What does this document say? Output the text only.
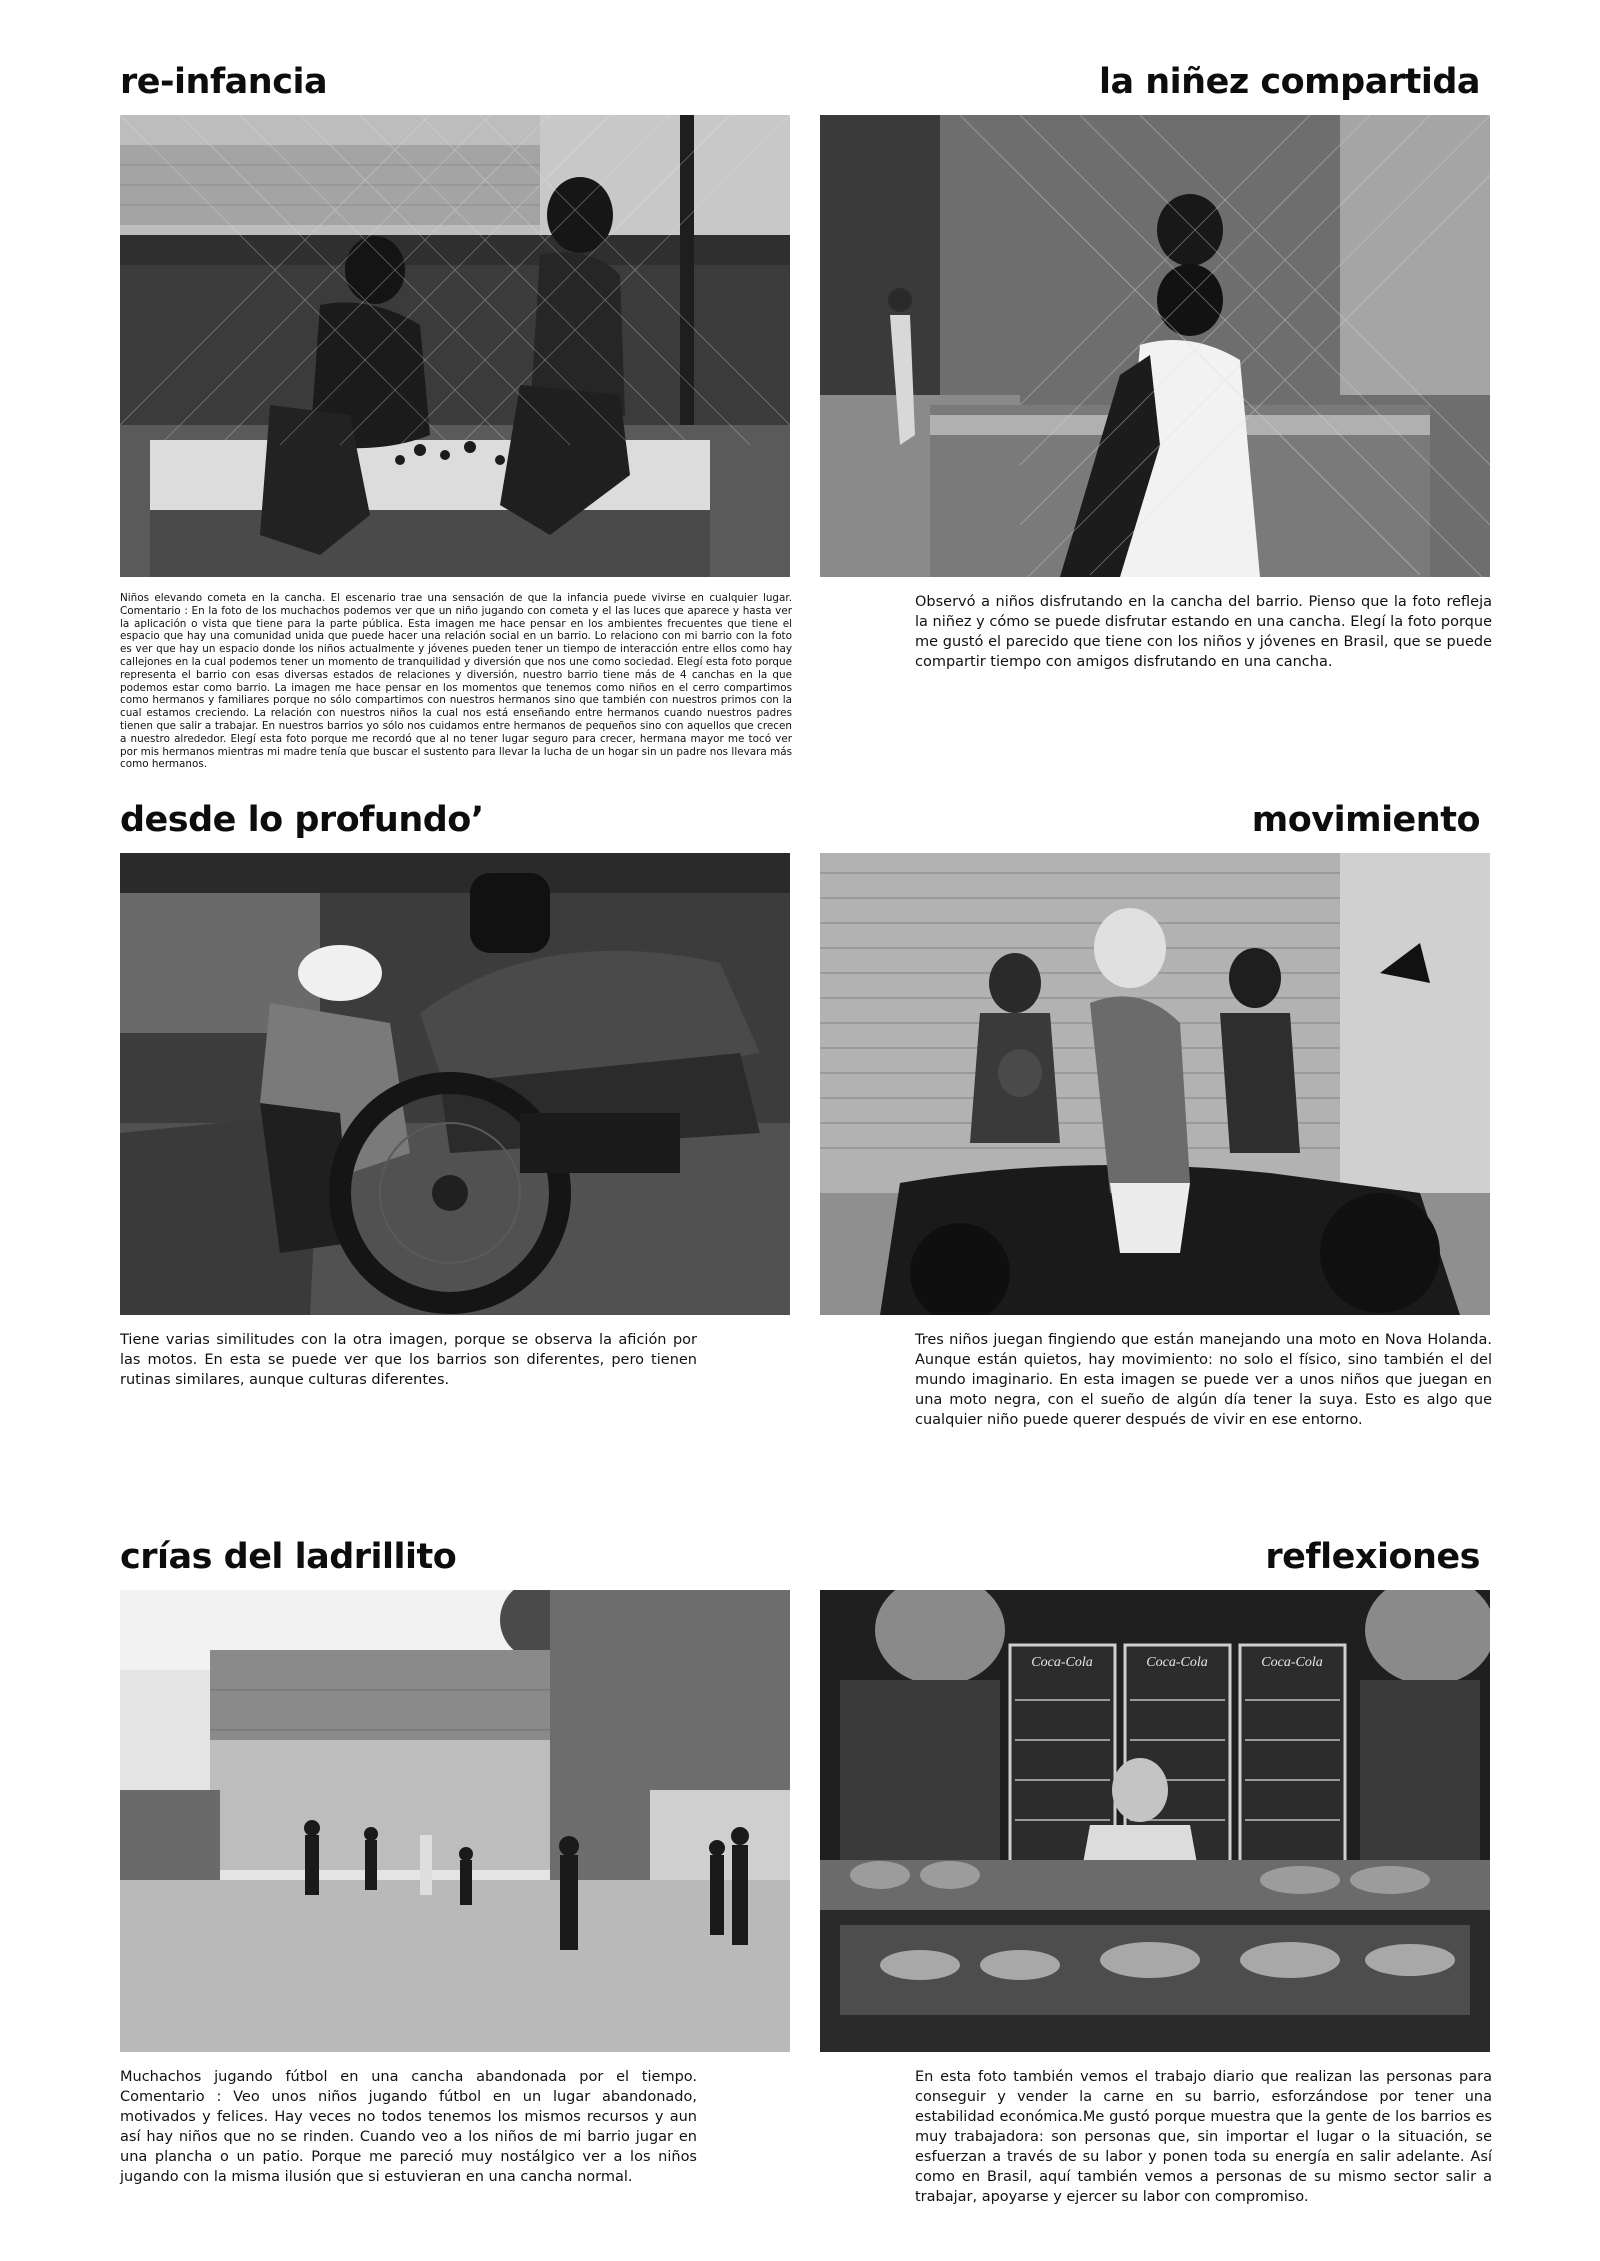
re-infancia	la niñez compartida

Niños elevando cometa en la cancha. El escenario trae una sensación de que la infancia puede vivirse en cualquier lugar. Comentario : En la foto de los muchachos podemos ver que un niño jugando con cometa y el las luces que aparece y hasta ver la aplicación o vista que tiene para la parte pública. Esta imagen me hace pensar en los ambientes frecuentes que tiene el espacio que hay una comunidad unida que puede hacer una relación social en un barrio. Lo relaciono con mi barrio con la foto es ver que hay un espacio donde los niños actualmente y jóvenes pueden tener un tiempo de interacción entre ellos como hay callejones en la cual podemos tener un momento de tranquilidad y diversión que nos une como sociedad. Elegí esta foto porque representa el barrio con esas diversas estados de relaciones y diversión, nuestro barrio tiene más de 4 canchas en la que podemos estar como barrio. La imagen me hace pensar en los momentos que tenemos como niños en el cerro compartimos como hermanos y familiares porque no sólo compartimos con nuestros hermanos sino que también con nuestros primos con la cual estamos creciendo. La relación con nuestros niños la cual nos está enseñando entre hermanos cuando nuestros padres tienen que salir a trabajar. En nuestros barrios yo sólo nos cuidamos entre hermanos de pequeños sino con aquellos que crecen a nuestro alrededor. Elegí esta foto porque me recordó que al no tener lugar seguro para crecer, hermana mayor me tocó ver por mis hermanos mientras mi madre tenía que buscar el sustento para llevar la lucha de un hogar sin un padre nos llevara más como hermanos.

Observó a niños disfrutando en la cancha del barrio. Pienso que la foto refleja la niñez y cómo se puede disfrutar estando en una cancha. Elegí la foto porque me gustó el parecido que tiene con los niños y jóvenes en Brasil, que se puede compartir tiempo con amigos disfrutando en una cancha.

desde lo profundo’	movimiento

Tiene varias similitudes con la otra imagen, porque se observa la afición por las motos. En esta se puede ver que los barrios son diferentes, pero tienen rutinas similares, aunque culturas diferentes.

Tres niños juegan fingiendo que están manejando una moto en Nova Holanda. Aunque están quietos, hay movimiento: no solo el físico, sino también el del mundo imaginario. En esta imagen se puede ver a unos niños que juegan en una moto negra, con el sueño de algún día tener la suya. Esto es algo que cualquier niño puede querer después de vivir en ese entorno.

crías del ladrillito	reflexiones
Coca-Cola	Coca-Cola	Coca-Cola

Muchachos jugando fútbol en una cancha abandonada por el tiempo. Comentario : Veo unos niños jugando fútbol en un lugar abandonado, motivados y felices. Hay veces no todos tenemos los mismos recursos y aun así hay niños que no se rinden. Cuando veo a los niños de mi barrio jugar en una plancha o un patio. Porque me pareció muy nostálgico ver a los niños jugando con la misma ilusión que si estuvieran en una cancha normal.

En esta foto también vemos el trabajo diario que realizan las personas para conseguir y vender la carne en su barrio, esforzándose por tener una estabilidad económica.Me gustó porque muestra que la gente de los barrios es muy trabajadora: son personas que, sin importar el lugar o la situación, se esfuerzan a través de su labor y ponen toda su energía en salir adelante. Así como en Brasil, aquí también vemos a personas de su mismo sector salir a trabajar, apoyarse y ejercer su labor con compromiso.
